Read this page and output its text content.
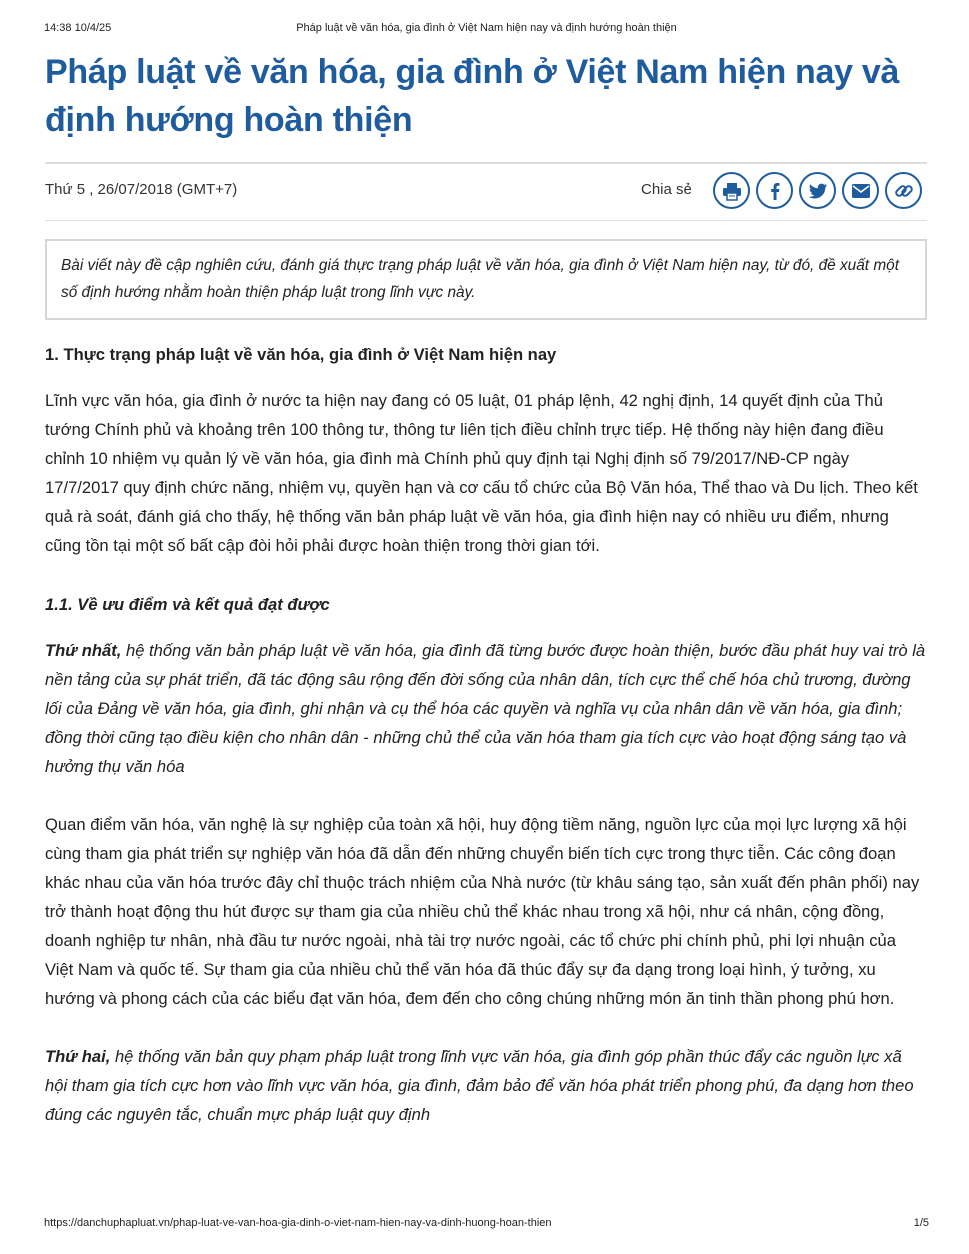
14:38 10/4/25	Pháp luật về văn hóa, gia đình ở Việt Nam hiện nay và định hướng hoàn thiện
Pháp luật về văn hóa, gia đình ở Việt Nam hiện nay và định hướng hoàn thiện
Thứ 5 , 26/07/2018 (GMT+7)	Chia sẻ
Bài viết này đề cập nghiên cứu, đánh giá thực trạng pháp luật về văn hóa, gia đình ở Việt Nam hiện nay, từ đó, đề xuất một số định hướng nhằm hoàn thiện pháp luật trong lĩnh vực này.
1. Thực trạng pháp luật về văn hóa, gia đình ở Việt Nam hiện nay

Lĩnh vực văn hóa, gia đình ở nước ta hiện nay đang có 05 luật, 01 pháp lệnh, 42 nghị định, 14 quyết định của Thủ tướng Chính phủ và khoảng trên 100 thông tư, thông tư liên tịch điều chỉnh trực tiếp. Hệ thống này hiện đang điều chỉnh 10 nhiệm vụ quản lý về văn hóa, gia đình mà Chính phủ quy định tại Nghị định số 79/2017/NĐ-CP ngày 17/7/2017 quy định chức năng, nhiệm vụ, quyền hạn và cơ cấu tổ chức của Bộ Văn hóa, Thể thao và Du lịch. Theo kết quả rà soát, đánh giá cho thấy, hệ thống văn bản pháp luật về văn hóa, gia đình hiện nay có nhiều ưu điểm, nhưng cũng tồn tại một số bất cập đòi hỏi phải được hoàn thiện trong thời gian tới.

1.1. Về ưu điểm và kết quả đạt được

Thứ nhất, hệ thống văn bản pháp luật về văn hóa, gia đình đã từng bước được hoàn thiện, bước đầu phát huy vai trò là nền tảng của sự phát triển, đã tác động sâu rộng đến đời sống của nhân dân, tích cực thể chế hóa chủ trương, đường lối của Đảng về văn hóa, gia đình, ghi nhận và cụ thể hóa các quyền và nghĩa vụ của nhân dân về văn hóa, gia đình; đồng thời cũng tạo điều kiện cho nhân dân - những chủ thể của văn hóa tham gia tích cực vào hoạt động sáng tạo và hưởng thụ văn hóa

Quan điểm văn hóa, văn nghệ là sự nghiệp của toàn xã hội, huy động tiềm năng, nguồn lực của mọi lực lượng xã hội cùng tham gia phát triển sự nghiệp văn hóa đã dẫn đến những chuyển biến tích cực trong thực tiễn. Các công đoạn khác nhau của văn hóa trước đây chỉ thuộc trách nhiệm của Nhà nước (từ khâu sáng tạo, sản xuất đến phân phối) nay trở thành hoạt động thu hút được sự tham gia của nhiều chủ thể khác nhau trong xã hội, như cá nhân, cộng đồng, doanh nghiệp tư nhân, nhà đầu tư nước ngoài, nhà tài trợ nước ngoài, các tổ chức phi chính phủ, phi lợi nhuận của Việt Nam và quốc tế. Sự tham gia của nhiều chủ thể văn hóa đã thúc đẩy sự đa dạng trong loại hình, ý tưởng, xu hướng và phong cách của các biểu đạt văn hóa, đem đến cho công chúng những món ăn tinh thần phong phú hơn.

Thứ hai, hệ thống văn bản quy phạm pháp luật trong lĩnh vực văn hóa, gia đình góp phần thúc đẩy các nguồn lực xã hội tham gia tích cực hơn vào lĩnh vực văn hóa, gia đình, đảm bảo để văn hóa phát triển phong phú, đa dạng hơn theo đúng các nguyên tắc, chuẩn mực pháp luật quy định

https://danchuphapluat.vn/phap-luat-ve-van-hoa-gia-dinh-o-viet-nam-hien-nay-va-dinh-huong-hoan-thien	1/5
